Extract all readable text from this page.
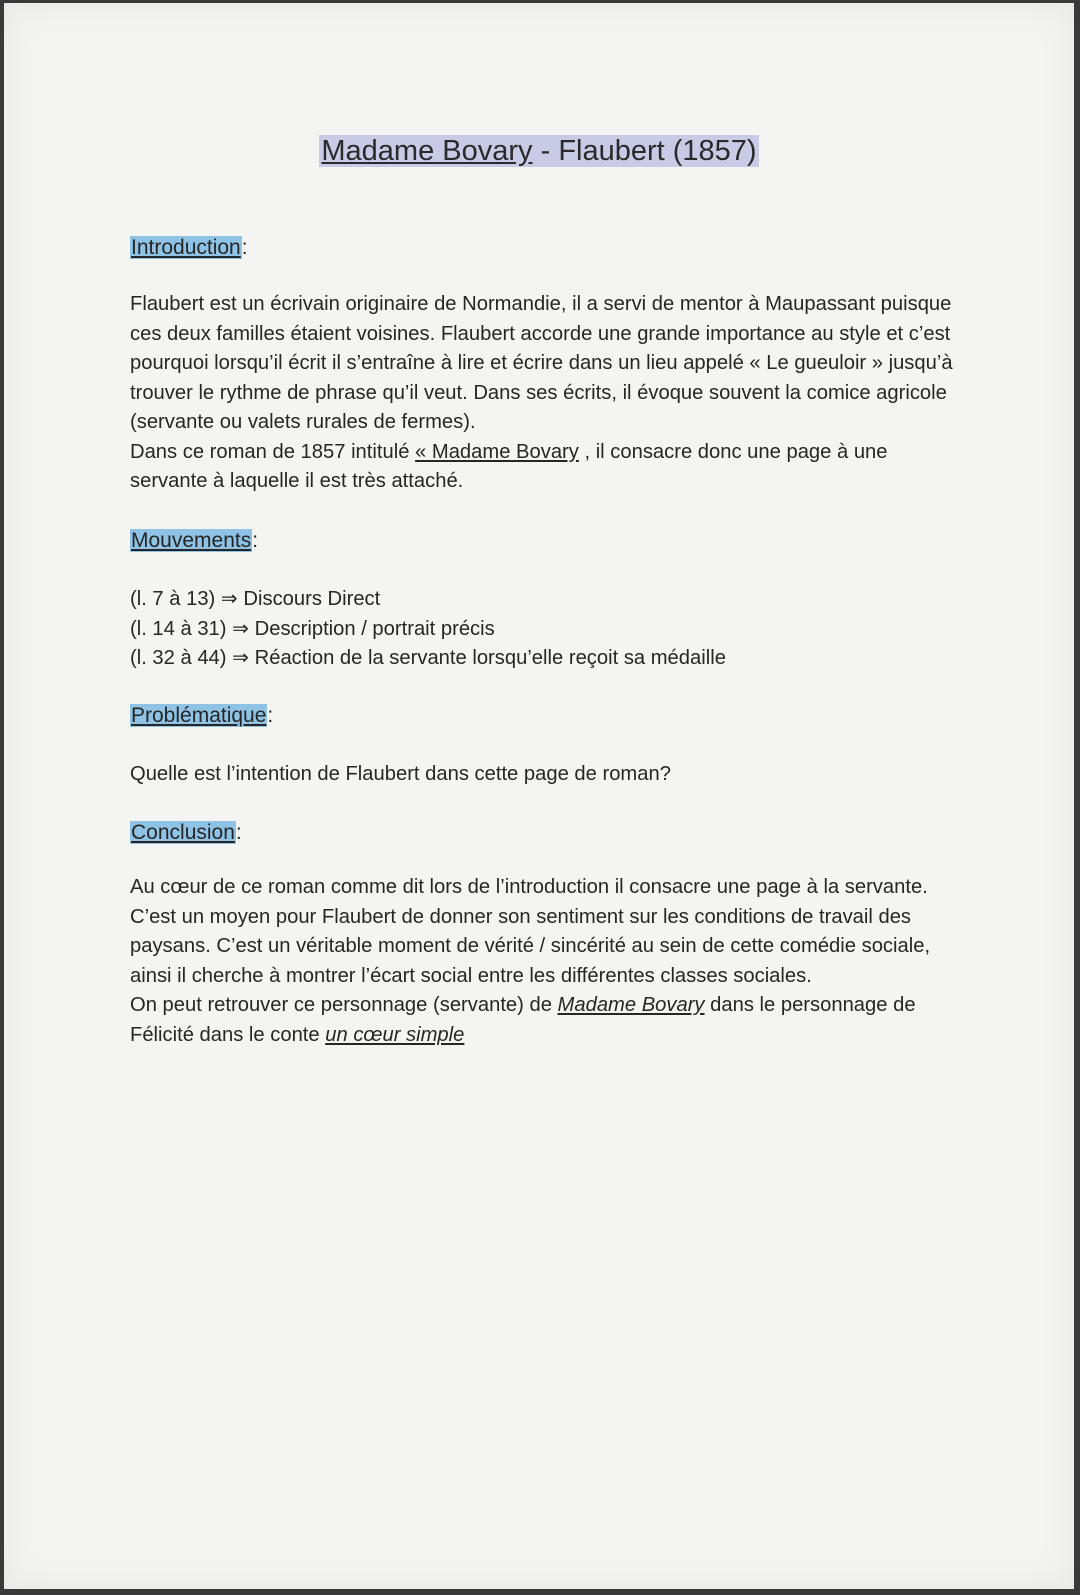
Madame Bovary - Flaubert (1857)
Introduction:

Flaubert est un écrivain originaire de Normandie, il a servi de mentor à Maupassant puisque ces deux familles étaient voisines. Flaubert accorde une grande importance au style et c’est pourquoi lorsqu’il écrit il s’entraîne à lire et écrire dans un lieu appelé « Le gueuloir » jusqu’à trouver le rythme de phrase qu’il veut. Dans ses écrits, il évoque souvent la comice agricole (servante ou valets rurales de fermes).

Dans ce roman de 1857 intitulé « Madame Bovary , il consacre donc une page à une servante à laquelle il est très attaché.

Mouvements:

(l. 7 à 13) ⇒ Discours Direct

(l. 14 à 31) ⇒ Description / portrait précis

(l. 32 à 44) ⇒ Réaction de la servante lorsqu’elle reçoit sa médaille

Problématique:

Quelle est l’intention de Flaubert dans cette page de roman?

Conclusion:

Au cœur de ce roman comme dit lors de l’introduction il consacre une page à la servante. C’est un moyen pour Flaubert de donner son sentiment sur les conditions de travail des paysans. C’est un véritable moment de vérité / sincérité au sein de cette comédie sociale, ainsi il cherche à montrer l’écart social entre les différentes classes sociales.

On peut retrouver ce personnage (servante) de Madame Bovary dans le personnage de Félicité dans le conte un cœur simple
